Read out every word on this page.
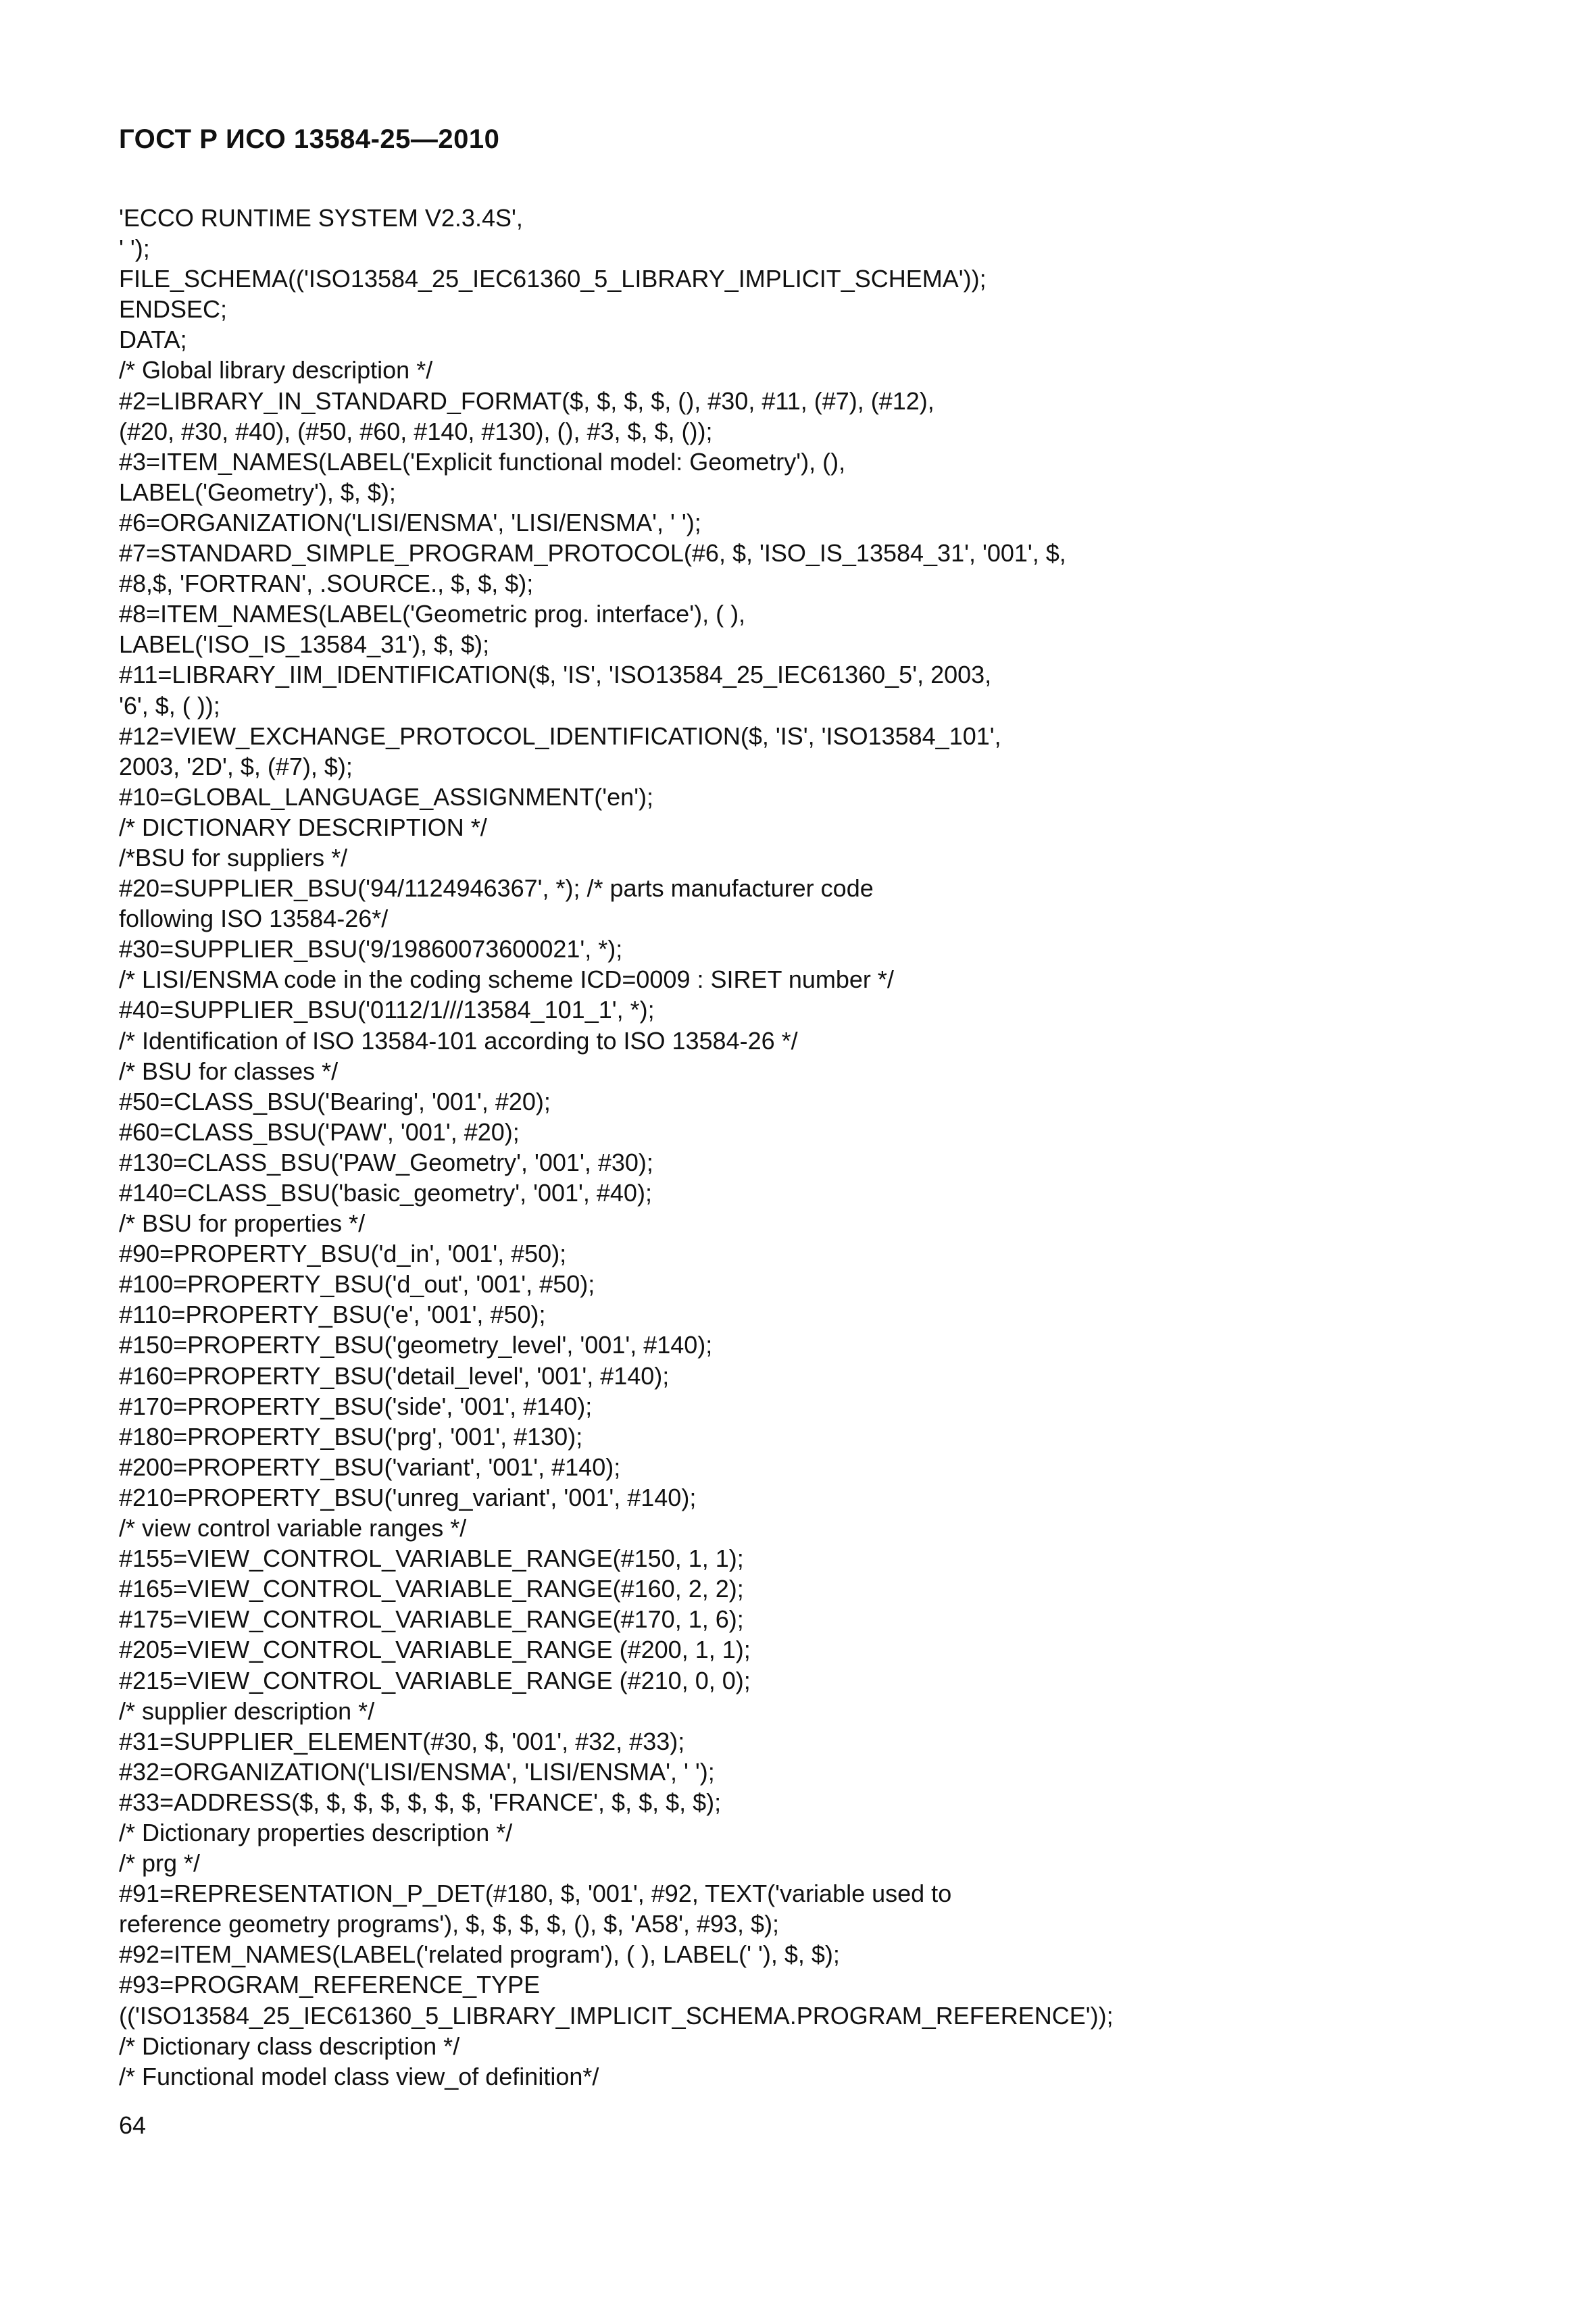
ГОСТ Р ИСО 13584-25—2010
'ECCO RUNTIME SYSTEM V2.3.4S',
' ');
FILE_SCHEMA(('ISO13584_25_IEC61360_5_LIBRARY_IMPLICIT_SCHEMA'));
ENDSEC;
DATA;
/* Global library description */
#2=LIBRARY_IN_STANDARD_FORMAT($, $, $, $, (), #30, #11, (#7), (#12),
(#20, #30, #40), (#50, #60, #140, #130), (), #3, $, $, ());
#3=ITEM_NAMES(LABEL('Explicit functional model: Geometry'), (),
LABEL('Geometry'), $, $);
#6=ORGANIZATION('LISI/ENSMA', 'LISI/ENSMA', ' ');
#7=STANDARD_SIMPLE_PROGRAM_PROTOCOL(#6, $, 'ISO_IS_13584_31', '001', $,
#8,$, 'FORTRAN', .SOURCE., $, $, $);
#8=ITEM_NAMES(LABEL('Geometric prog. interface'), ( ),
LABEL('ISO_IS_13584_31'), $, $);
#11=LIBRARY_IIM_IDENTIFICATION($, 'IS', 'ISO13584_25_IEC61360_5', 2003,
'6', $, ( ));
#12=VIEW_EXCHANGE_PROTOCOL_IDENTIFICATION($, 'IS', 'ISO13584_101',
2003, '2D', $, (#7), $);
#10=GLOBAL_LANGUAGE_ASSIGNMENT('en');
/* DICTIONARY DESCRIPTION */
/*BSU for suppliers */
#20=SUPPLIER_BSU('94/1124946367', *); /* parts manufacturer code
following ISO 13584-26*/
#30=SUPPLIER_BSU('9/19860073600021', *);
/* LISI/ENSMA code in the coding scheme ICD=0009 : SIRET number */
#40=SUPPLIER_BSU('0112/1///13584_101_1', *);
/* Identification of ISO 13584-101 according to ISO 13584-26 */
/* BSU for classes */
#50=CLASS_BSU('Bearing', '001', #20);
#60=CLASS_BSU('PAW', '001', #20);
#130=CLASS_BSU('PAW_Geometry', '001', #30);
#140=CLASS_BSU('basic_geometry', '001', #40);
/* BSU for properties */
#90=PROPERTY_BSU('d_in', '001', #50);
#100=PROPERTY_BSU('d_out', '001', #50);
#110=PROPERTY_BSU('e', '001', #50);
#150=PROPERTY_BSU('geometry_level', '001', #140);
#160=PROPERTY_BSU('detail_level', '001', #140);
#170=PROPERTY_BSU('side', '001', #140);
#180=PROPERTY_BSU('prg', '001', #130);
#200=PROPERTY_BSU('variant', '001', #140);
#210=PROPERTY_BSU('unreg_variant', '001', #140);
/* view control variable ranges */
#155=VIEW_CONTROL_VARIABLE_RANGE(#150, 1, 1);
#165=VIEW_CONTROL_VARIABLE_RANGE(#160, 2, 2);
#175=VIEW_CONTROL_VARIABLE_RANGE(#170, 1, 6);
#205=VIEW_CONTROL_VARIABLE_RANGE (#200, 1, 1);
#215=VIEW_CONTROL_VARIABLE_RANGE (#210, 0, 0);
/* supplier description */
#31=SUPPLIER_ELEMENT(#30, $, '001', #32, #33);
#32=ORGANIZATION('LISI/ENSMA', 'LISI/ENSMA', ' ');
#33=ADDRESS($, $, $, $, $, $, $, 'FRANCE', $, $, $, $);
/* Dictionary properties description */
/* prg */
#91=REPRESENTATION_P_DET(#180, $, '001', #92, TEXT('variable used to
reference geometry programs'), $, $, $, $, (), $, 'A58', #93, $);
#92=ITEM_NAMES(LABEL('related program'), ( ), LABEL(' '), $, $);
#93=PROGRAM_REFERENCE_TYPE
(('ISO13584_25_IEC61360_5_LIBRARY_IMPLICIT_SCHEMA.PROGRAM_REFERENCE'));
/* Dictionary class description */
/* Functional model class view_of definition*/
64
